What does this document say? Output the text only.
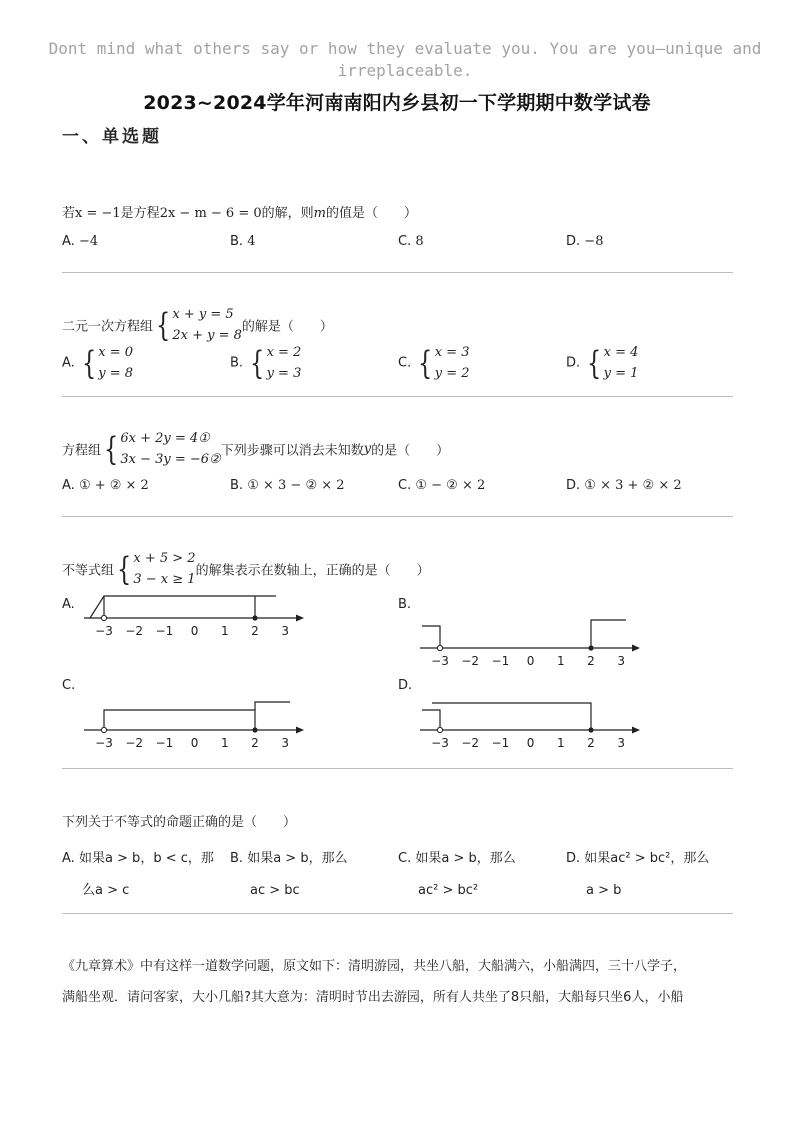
Dont mind what others say or how they evaluate you. You are you—unique and irreplaceable.
2023~2024学年河南南阳内乡县初一下学期期中数学试卷
一、单选题
若x = −1是方程2x − m − 6 = 0的解，则m的值是（　　）
A. −4	B. 4	C. 8	D. −8
二元一次方程组 { x + y = 5
2x + y = 8
的解是（　　）
A. { x = 0
y = 8
B. { x = 2
y = 3
C. { x = 3
y = 2
D. { x = 4
y = 1
方程组 { 6x + 2y = 4①
3x − 3y = −6②
下列步骤可以消去未知数y的是（　　）
A. ① + ② × 2	B. ① × 3 − ② × 2	C. ① − ② × 2	D. ① × 3 + ② × 2
不等式组 { x + 5 > 2
3 − x ≥ 1
的解集表示在数轴上，正确的是（　　）
A.	B.
C.	D.
−3 −2 −1 0 1 2 3
−3 −2 −1 0 1 2 3
−3 −2 −1 0 1 2 3	−3 −2 −1 0 1 2 3
下列关于不等式的命题正确的是（　　）
A. 如果a > b，b < c，那
么a > c
B. 如果a > b，那么
ac > bc
C. 如果a > b，那么
ac² > bc²
D. 如果ac² > bc²，那么
a > b
《九章算术》中有这样一道数学问题，原文如下：清明游园，共坐八船，大船满六，小船满四，三十八学子，
满船坐观．请问客家，大小几船?其大意为：清明时节出去游园，所有人共坐了8只船，大船每只坐6人，小船
